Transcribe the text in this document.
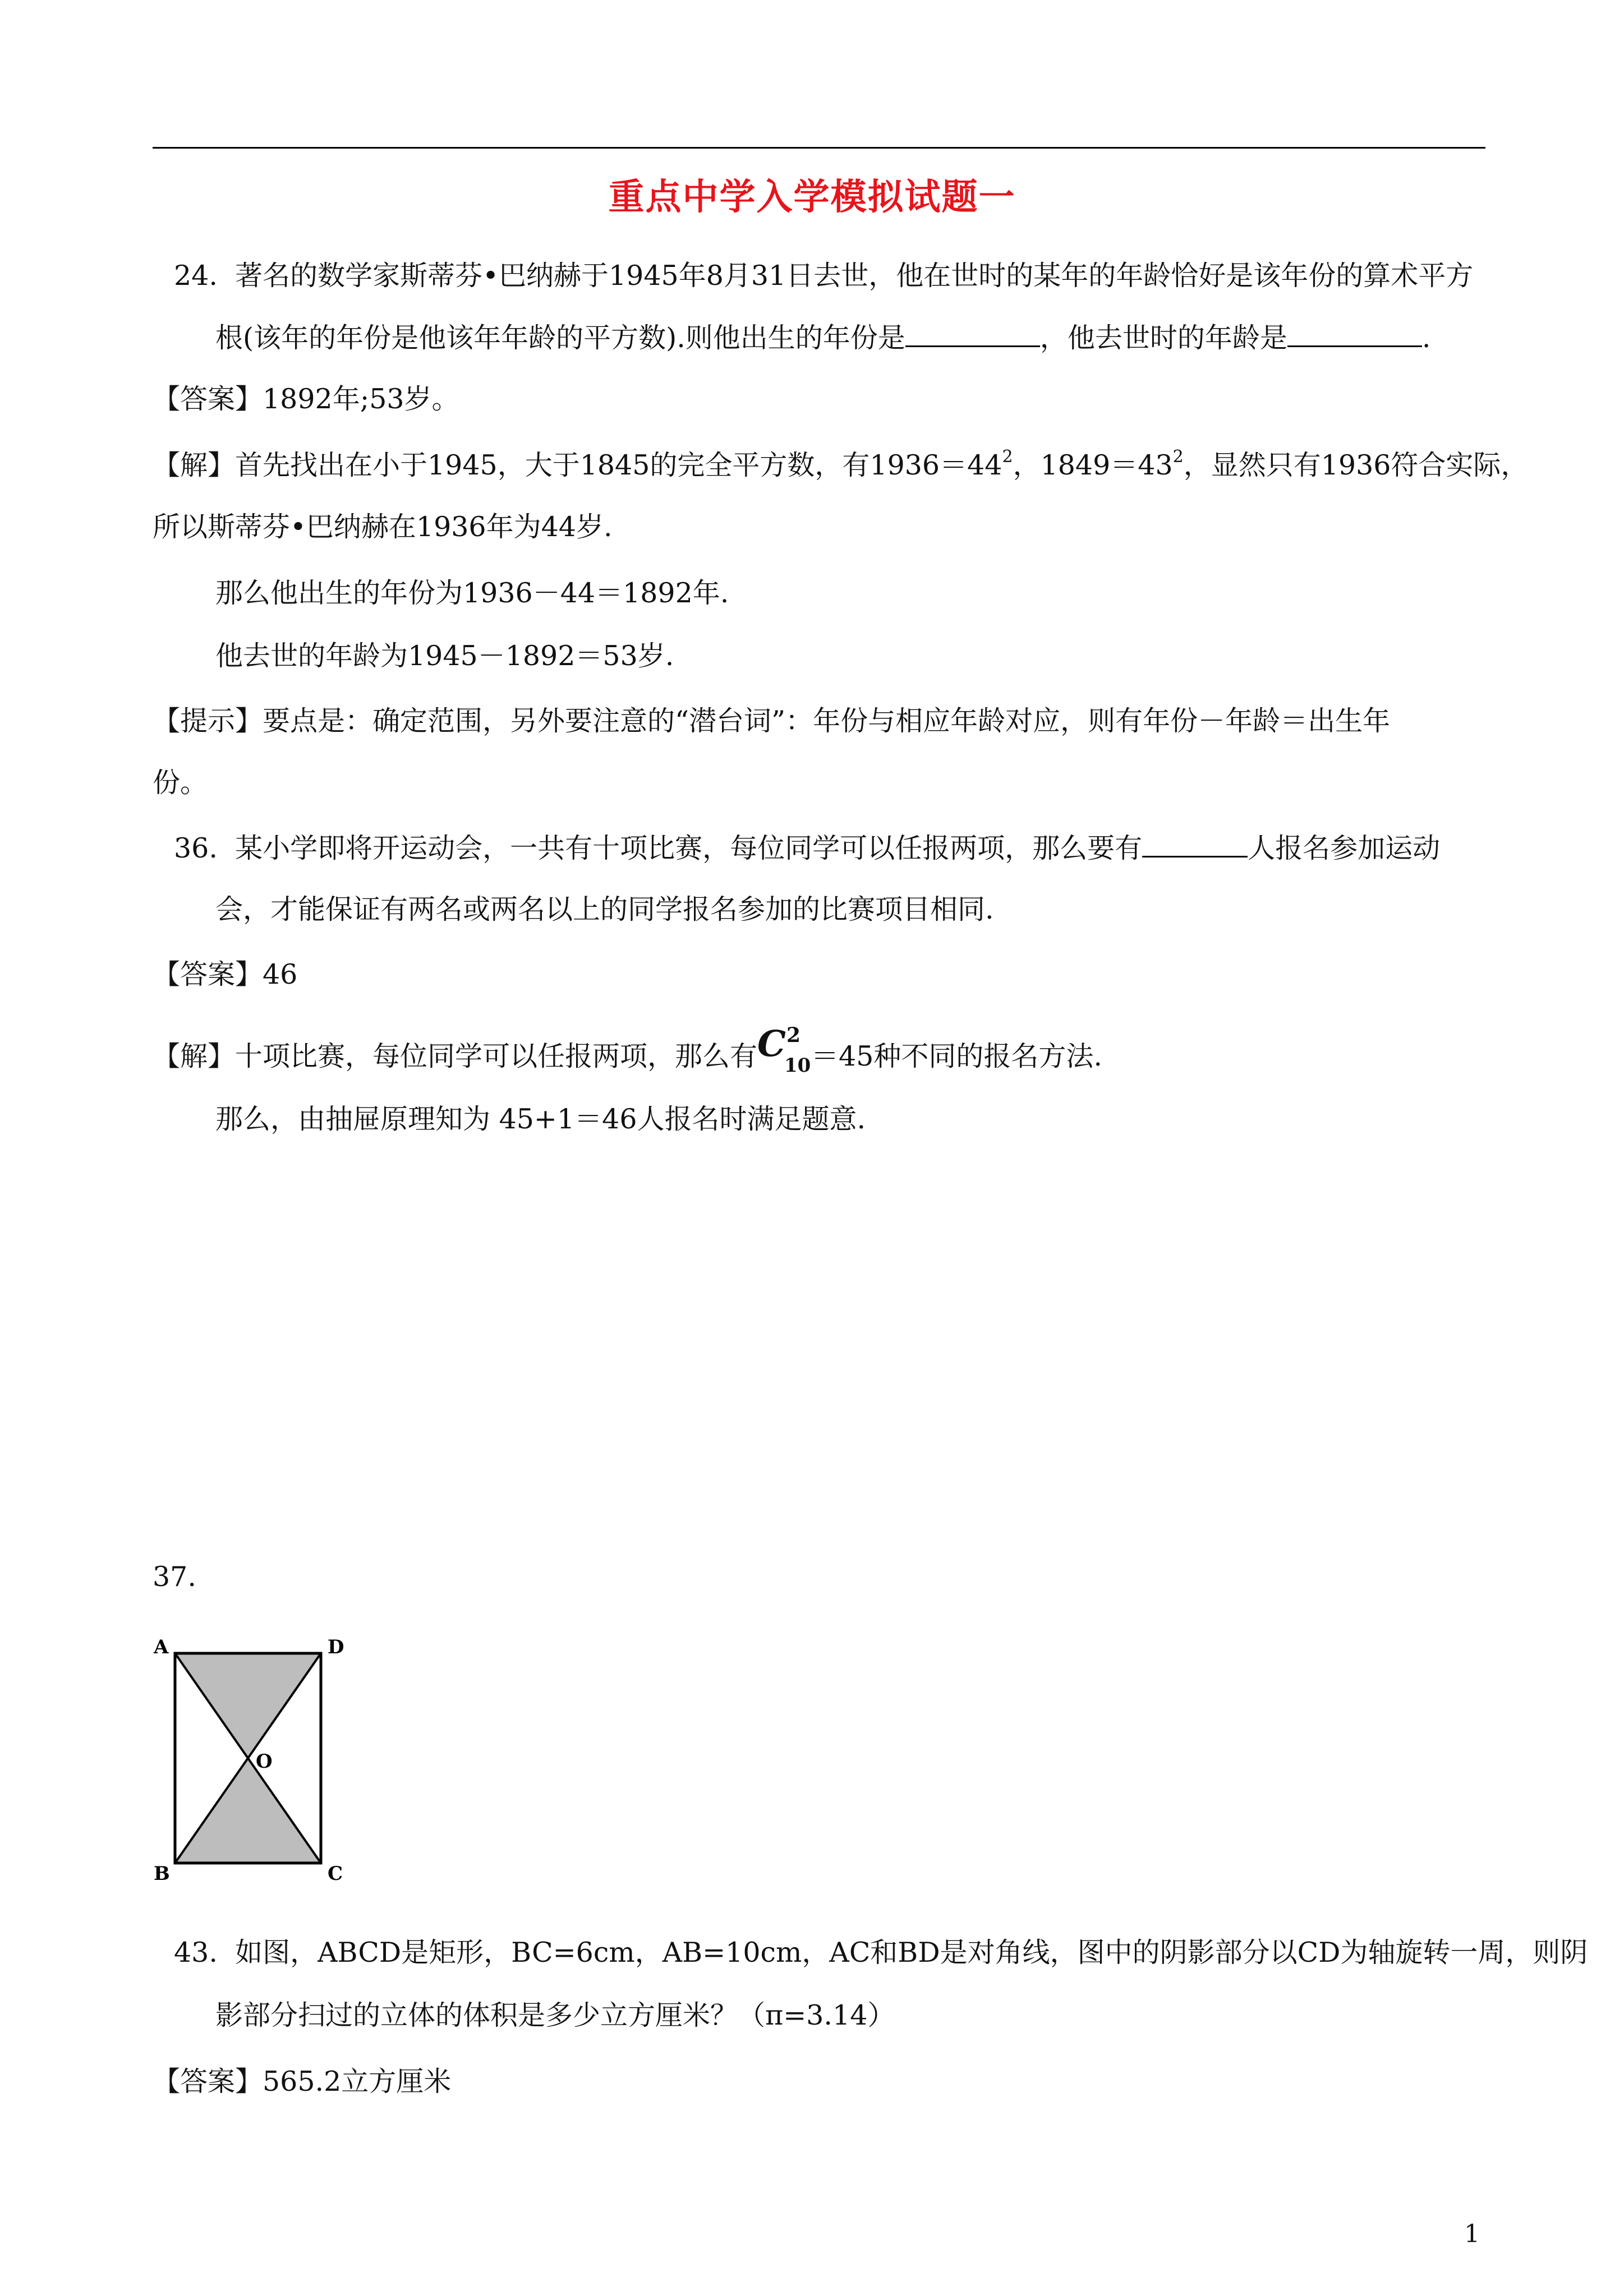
重点中学入学模拟试题一
24. 著名的数学家斯蒂芬•巴纳赫于1945年8月31日去世，他在世时的某年的年龄恰好是该年份的算术平方
根(该年的年份是他该年年龄的平方数).则他出生的年份是	，他去世时的年龄是	.
【答案】1892年;53岁。
【解】首先找出在小于1945，大于1845的完全平方数，有$1936=44^2$，$1849=43^2$，显然只有1936符合实际，
所以斯蒂芬•巴纳赫在1936年为44岁.
那么他出生的年份为1936－44＝1892年.
他去世的年龄为1945－1892＝53岁.
【提示】要点是：确定范围，另外要注意的“潜台词”：年份与相应年龄对应，则有年份－年龄＝出生年
份。
36. 某小学即将开运动会，一共有十项比赛，每位同学可以任报两项，那么要有	人报名参加运动
会，才能保证有两名或两名以上的同学报名参加的比赛项目相同.
【答案】46
【解】十项比赛，每位同学可以任报两项，那么有 C 2
10 ＝45种不同的报名方法.
那么，由抽屉原理知为 45+1＝46人报名时满足题意.
37.
A	D
O
B	C
43. 如图，ABCD是矩形，BC=6cm，AB=10cm，AC和BD是对角线，图中的阴影部分以CD为轴旋转一周，则阴
影部分扫过的立体的体积是多少立方厘米？（π=3.14）
【答案】565.2立方厘米
1
